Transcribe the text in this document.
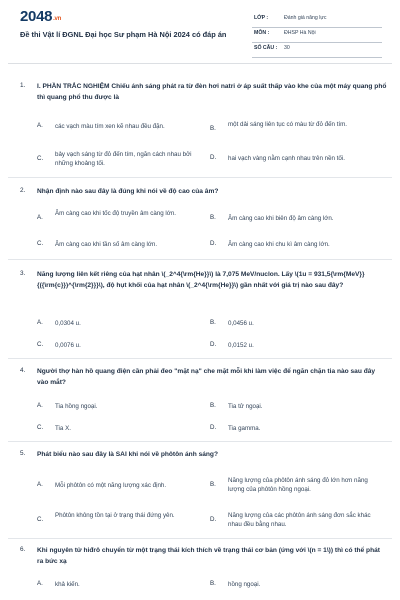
2048.vn
Đề thi Vật lí ĐGNL Đại học Sư phạm Hà Nội 2024 có đáp án
LỚP :	Đánh giá năng lực
MÔN :	ĐHSP Hà Nội
SỐ CÂU : 30
1. I. PHẦN TRẮC NGHIỆM Chiếu ánh sáng phát ra từ đèn hơi natri ở áp suất thấp vào khe của một máy quang phổ thì quang phổ thu được là
A. các vạch màu tím xen kẽ nhau đều đặn.	B.
một dải sáng liên tục có màu từ đỏ đến tím.
C.
bảy vạch sáng từ đỏ đến tím, ngăn cách nhau bởi những khoảng tối.
D. hai vạch vàng nằm cạnh nhau trên nền tối.
2. Nhận định nào sau đây là đúng khi nói về độ cao của âm?
A.
Âm càng cao khi tốc độ truyền âm càng lớn.
B. Âm càng cao khi biên độ âm càng lớn.
C. Âm càng cao khi tần số âm càng lớn.	D. Âm càng cao khi chu kì âm càng lớn.
3. Năng lượng liên kết riêng của hạt nhân \(_2^4{\rm{He}}\) là 7,075 MeV/nuclon. Lấy \(1u = 931,5{\rm{MeV}}{({\rm{c}})^{\rm{2}}}\), độ hụt khối của hạt nhân \(_2^4{\rm{He}}\) gần nhất với giá trị nào sau đây?
A. 0,0304 u.	B. 0,0456 u.
C. 0,0076 u.	D. 0,0152 u.
4. Người thợ hàn hồ quang điện cần phải đeo "mặt nạ" che mặt mỗi khi làm việc để ngăn chặn tia nào sau đây vào mắt?
A. Tia hồng ngoại.	B. Tia tử ngoại.
C. Tia X.	D. Tia gamma.
5. Phát biểu nào sau đây là SAI khi nói về phôtôn ánh sáng?
A. Mỗi phôtôn có một năng lượng xác định.	B.
Năng lượng của phôtôn ánh sáng đỏ lớn hơn năng lượng của phôtôn hồng ngoại.
C.
Phôtôn không tồn tại ở trạng thái đứng yên.
D.
Năng lượng của các phôtôn ánh sáng đơn sắc khác nhau đều bằng nhau.
6. Khi nguyên tử hiđrô chuyển từ một trạng thái kích thích về trạng thái cơ bản (ứng với \(n = 1\)) thì có thể phát ra bức xạ
A. khả kiến.	B. hồng ngoại.
